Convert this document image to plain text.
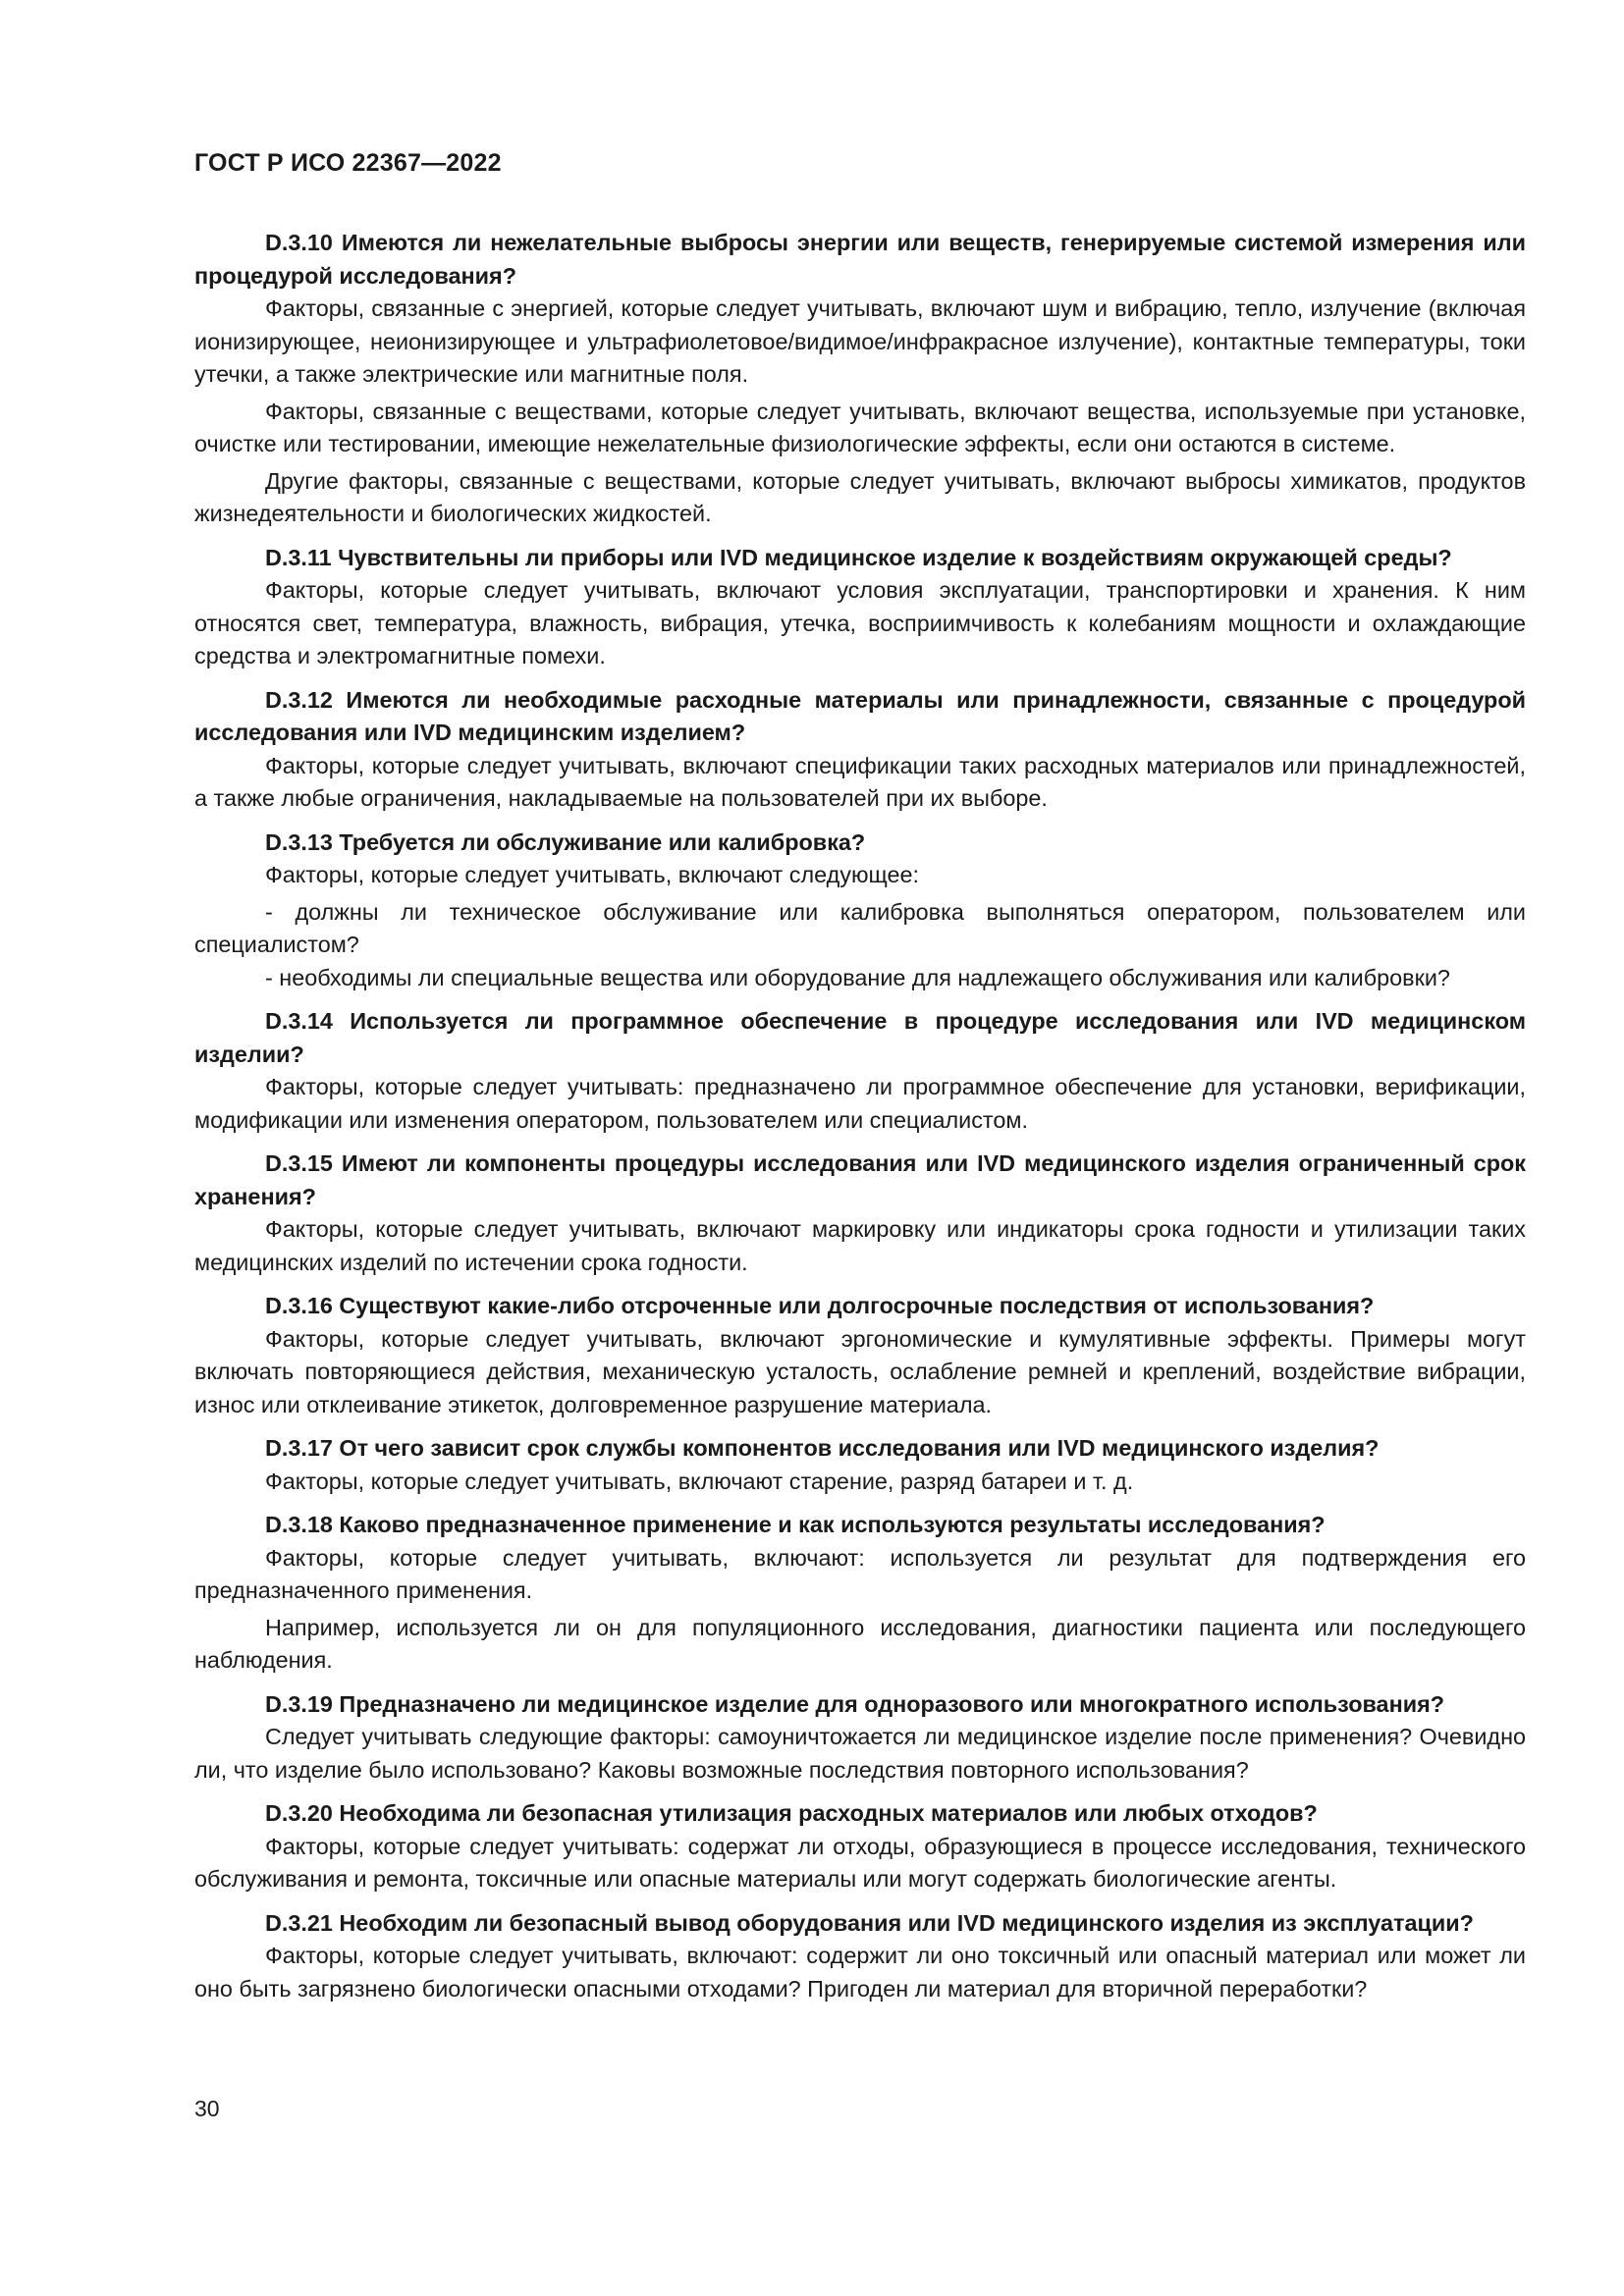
ГОСТ Р ИСО 22367—2022

D.3.10 Имеются ли нежелательные выбросы энергии или веществ, генерируемые системой измерения или процедурой исследования?

Факторы, связанные с энергией, которые следует учитывать, включают шум и вибрацию, тепло, излучение (включая ионизирующее, неионизирующее и ультрафиолетовое/видимое/инфракрасное излучение), контактные температуры, токи утечки, а также электрические или магнитные поля.

Факторы, связанные с веществами, которые следует учитывать, включают вещества, используемые при установке, очистке или тестировании, имеющие нежелательные физиологические эффекты, если они остаются в системе.

Другие факторы, связанные с веществами, которые следует учитывать, включают выбросы химикатов, продуктов жизнедеятельности и биологических жидкостей.

D.3.11 Чувствительны ли приборы или IVD медицинское изделие к воздействиям окружающей среды?

Факторы, которые следует учитывать, включают условия эксплуатации, транспортировки и хранения. К ним относятся свет, температура, влажность, вибрация, утечка, восприимчивость к колебаниям мощности и охлаждающие средства и электромагнитные помехи.

D.3.12 Имеются ли необходимые расходные материалы или принадлежности, связанные с процедурой исследования или IVD медицинским изделием?

Факторы, которые следует учитывать, включают спецификации таких расходных материалов или принадлежностей, а также любые ограничения, накладываемые на пользователей при их выборе.

D.3.13 Требуется ли обслуживание или калибровка?

Факторы, которые следует учитывать, включают следующее:

- должны ли техническое обслуживание или калибровка выполняться оператором, пользователем или специалистом?

- необходимы ли специальные вещества или оборудование для надлежащего обслуживания или калибровки?

D.3.14 Используется ли программное обеспечение в процедуре исследования или IVD медицинском изделии?

Факторы, которые следует учитывать: предназначено ли программное обеспечение для установки, верификации, модификации или изменения оператором, пользователем или специалистом.

D.3.15 Имеют ли компоненты процедуры исследования или IVD медицинского изделия ограниченный срок хранения?

Факторы, которые следует учитывать, включают маркировку или индикаторы срока годности и утилизации таких медицинских изделий по истечении срока годности.

D.3.16 Существуют какие-либо отсроченные или долгосрочные последствия от использования?

Факторы, которые следует учитывать, включают эргономические и кумулятивные эффекты. Примеры могут включать повторяющиеся действия, механическую усталость, ослабление ремней и креплений, воздействие вибрации, износ или отклеивание этикеток, долговременное разрушение материала.

D.3.17 От чего зависит срок службы компонентов исследования или IVD медицинского изделия?

Факторы, которые следует учитывать, включают старение, разряд батареи и т. д.

D.3.18 Каково предназначенное применение и как используются результаты исследования?

Факторы, которые следует учитывать, включают: используется ли результат для подтверждения его предназначенного применения.

Например, используется ли он для популяционного исследования, диагностики пациента или последующего наблюдения.

D.3.19 Предназначено ли медицинское изделие для одноразового или многократного использования?

Следует учитывать следующие факторы: самоуничтожается ли медицинское изделие после применения? Очевидно ли, что изделие было использовано? Каковы возможные последствия повторного использования?

D.3.20 Необходима ли безопасная утилизация расходных материалов или любых отходов?

Факторы, которые следует учитывать: содержат ли отходы, образующиеся в процессе исследования, технического обслуживания и ремонта, токсичные или опасные материалы или могут содержать биологические агенты.

D.3.21 Необходим ли безопасный вывод оборудования или IVD медицинского изделия из эксплуатации?

Факторы, которые следует учитывать, включают: содержит ли оно токсичный или опасный материал или может ли оно быть загрязнено биологически опасными отходами? Пригоден ли материал для вторичной переработки?

30
